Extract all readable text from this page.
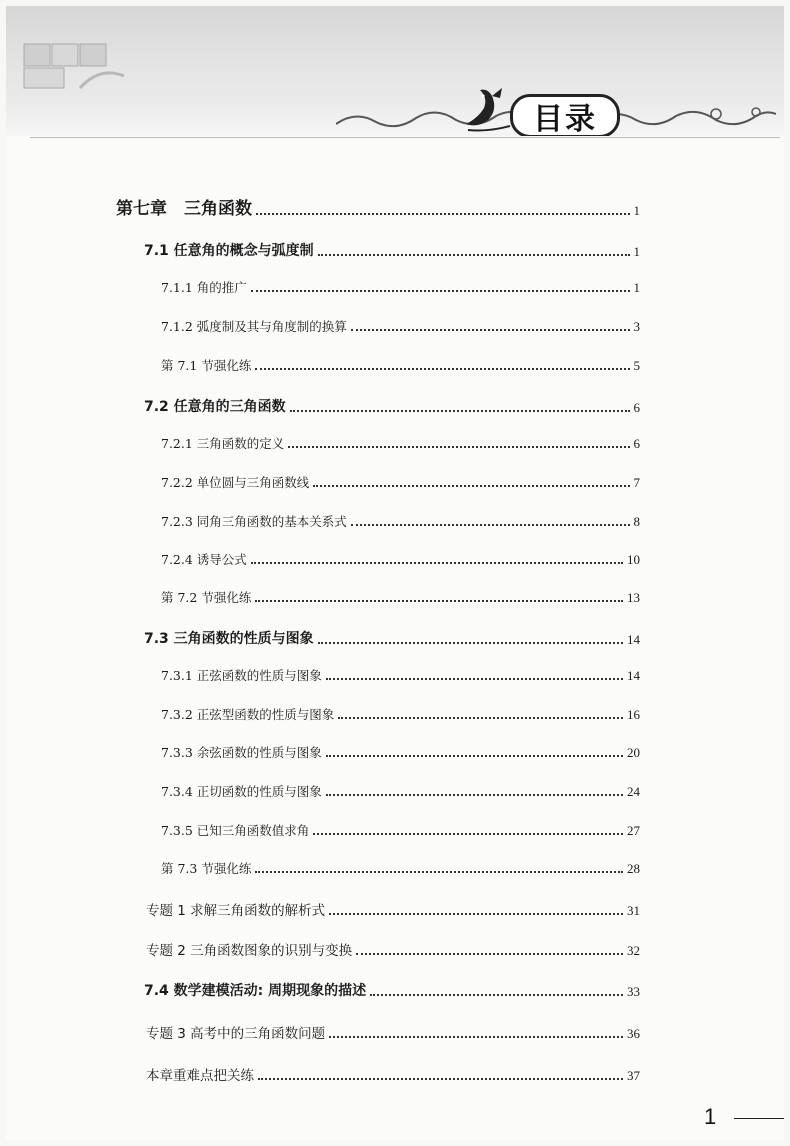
目录
第七章　三角函数	1
7.1 任意角的概念与弧度制	1
7.1.1 角的推广	1
7.1.2 弧度制及其与角度制的换算	3
第 7.1 节强化练	5
7.2 任意角的三角函数	6
7.2.1 三角函数的定义	6
7.2.2 单位圆与三角函数线	7
7.2.3 同角三角函数的基本关系式	8
7.2.4 诱导公式	10
第 7.2 节强化练	13
7.3 三角函数的性质与图象	14
7.3.1 正弦函数的性质与图象	14
7.3.2 正弦型函数的性质与图象	16
7.3.3 余弦函数的性质与图象	20
7.3.4 正切函数的性质与图象	24
7.3.5 已知三角函数值求角	27
第 7.3 节强化练	28
专题 1 求解三角函数的解析式	31
专题 2 三角函数图象的识别与变换	32
7.4 数学建模活动: 周期现象的描述	33
专题 3 高考中的三角函数问题	36
本章重难点把关练	37
1
